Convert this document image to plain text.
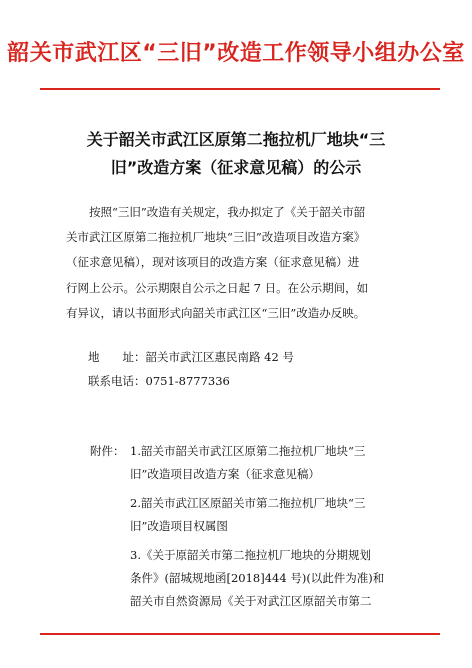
韶关市武江区“三旧”改造工作领导小组办公室
关于韶关市武江区原第二拖拉机厂地块“三
旧”改造方案（征求意见稿）的公示
按照“三旧”改造有关规定，我办拟定了《关于韶关市韶
关市武江区原第二拖拉机厂地块“三旧”改造项目改造方案》
（征求意见稿），现对该项目的改造方案（征求意见稿）进
行网上公示。公示期限自公示之日起 7 日。在公示期间，如
有异议，请以书面形式向韶关市武江区“三旧”改造办反映。
地　　址：韶关市武江区惠民南路 42 号
联系电话：0751-8777336
附件： 1.韶关市韶关市武江区原第二拖拉机厂地块“三
旧”改造项目改造方案（征求意见稿）
2.韶关市武江区原韶关市第二拖拉机厂地块“三
旧”改造项目权属图
3.《关于原韶关市第二拖拉机厂地块的分期规划
条件》(韶城规地函[2018]444 号)(以此件为准)和
韶关市自然资源局《关于对武江区原韶关市第二
